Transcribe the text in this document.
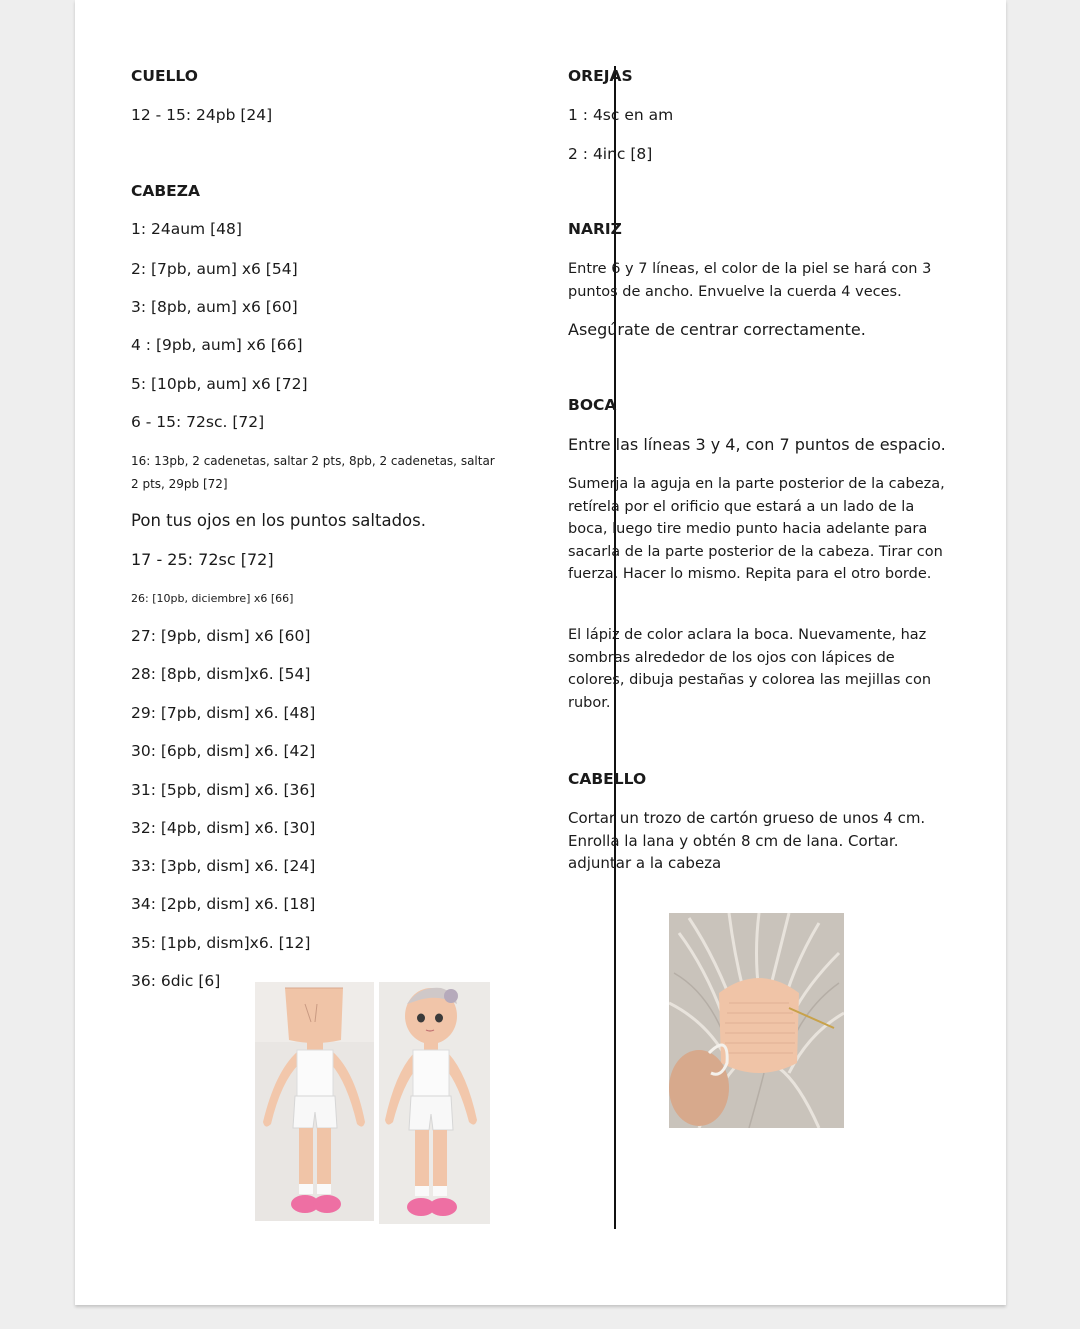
CUELLO
12 - 15: 24pb [24]
CABEZA
1: 24aum [48]
2: [7pb, aum] x6 [54]
3: [8pb, aum] x6 [60]
4 : [9pb, aum] x6 [66]
5: [10pb, aum] x6 [72]
6 - 15: 72sc. [72]
16: 13pb, 2 cadenetas, saltar 2 pts, 8pb, 2 cadenetas, saltar 2 pts, 29pb [72]
Pon tus ojos en los puntos saltados.
17 - 25: 72sc [72]
26: [10pb, diciembre] x6 [66]
27: [9pb, dism] x6 [60]
28: [8pb, dism]x6. [54]
29: [7pb, dism] x6. [48]
30: [6pb, dism] x6. [42]
31: [5pb, dism] x6. [36]
32: [4pb, dism] x6. [30]
33: [3pb, dism] x6. [24]
34: [2pb, dism] x6. [18]
35: [1pb, dism]x6. [12]
36: 6dic [6]
OREJAS
1 : 4sc en am
2 : 4inc [8]
NARIZ
Entre 6 y 7 líneas, el color de la piel se hará con 3 puntos de ancho. Envuelve la cuerda 4 veces.
Asegúrate de centrar correctamente.
BOCA
Entre las líneas 3 y 4, con 7 puntos de espacio.
Sumerja la aguja en la parte posterior de la cabeza, retírela por el orificio que estará a un lado de la boca, luego tire medio punto hacia adelante para sacarla de la parte posterior de la cabeza. Tirar con fuerza. Hacer lo mismo. Repita para el otro borde.
El lápiz de color aclara la boca. Nuevamente, haz sombras alrededor de los ojos con lápices de colores, dibuja pestañas y colorea las mejillas con rubor.
CABELLO
Cortar un trozo de cartón grueso de unos 4 cm. Enrolla la lana y obtén 8 cm de lana. Cortar. adjuntar a la cabeza
